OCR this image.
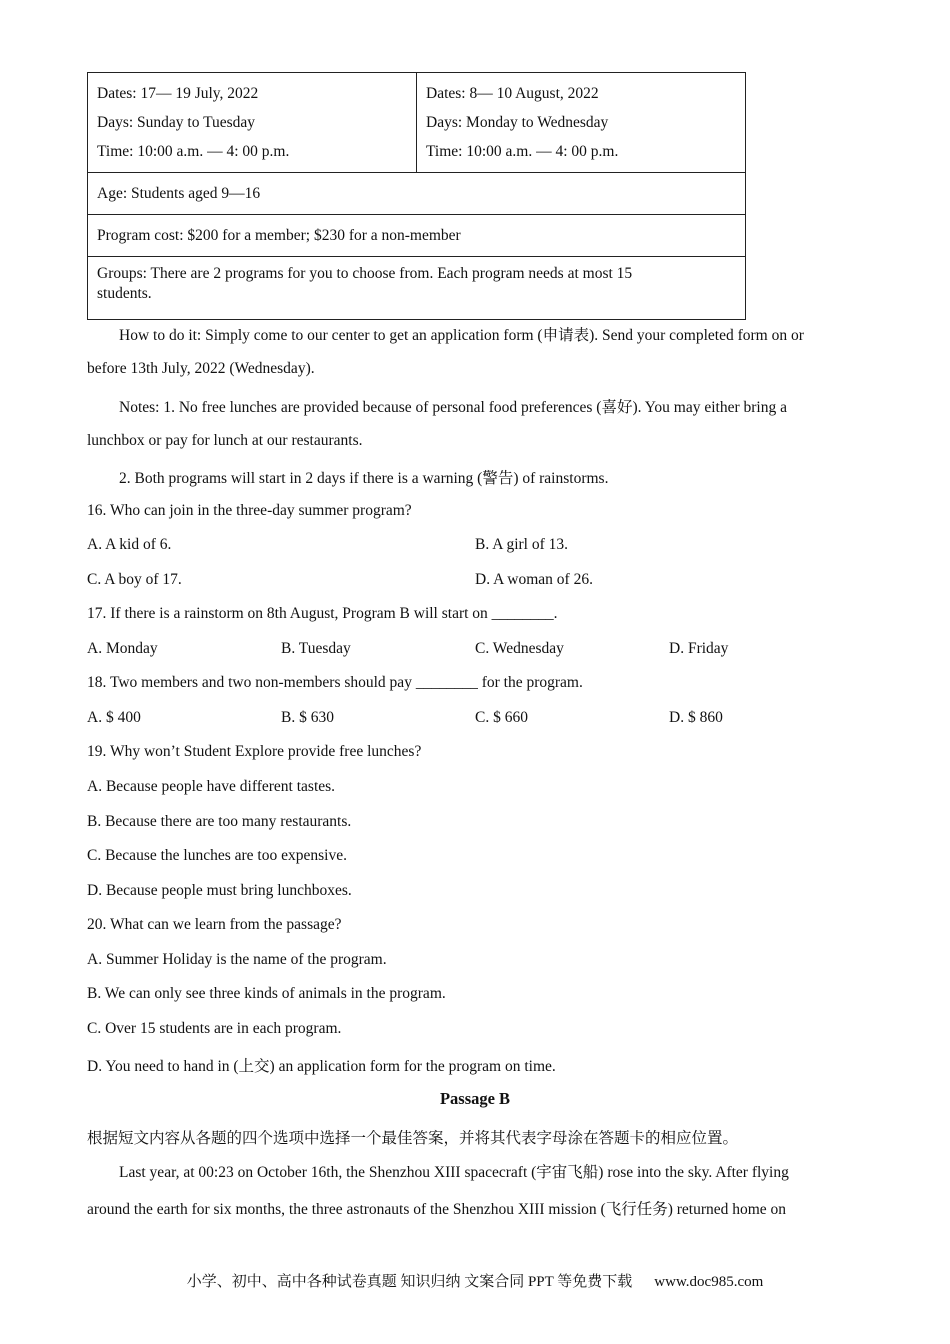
Dates: 17— 19 July, 2022
Days: Sunday to Tuesday
Time: 10:00 a.m. — 4: 00 p.m.

Dates: 8— 10 August, 2022
Days: Monday to Wednesday
Time: 10:00 a.m. — 4: 00 p.m.

Age: Students aged 9—16
Program cost: $200 for a member; $230 for a non-member

Groups: There are 2 programs for you to choose from. Each program needs at most 15
students.
How to do it: Simply come to our center to get an application form (申请表). Send your completed form on or
before 13th July, 2022 (Wednesday).
Notes: 1. No free lunches are provided because of personal food preferences (喜好). You may either bring a
lunchbox or pay for lunch at our restaurants.
2. Both programs will start in 2 days if there is a warning (警告) of rainstorms.
16. Who can join in the three-day summer program?
A. A kid of 6.	B. A girl of 13.
C. A boy of 17.	D. A woman of 26.
17. If there is a rainstorm on 8th August, Program B will start on ________.
A. Monday	B. Tuesday	C. Wednesday	D. Friday
18. Two members and two non-members should pay ________ for the program.
A. $ 400	B. $ 630	C. $ 660	D. $ 860
19. Why won’t Student Explore provide free lunches?
A. Because people have different tastes.
B. Because there are too many restaurants.
C. Because the lunches are too expensive.
D. Because people must bring lunchboxes.
20. What can we learn from the passage?
A. Summer Holiday is the name of the program.
B. We can only see three kinds of animals in the program.
C. Over 15 students are in each program.
D. You need to hand in (上交) an application form for the program on time.
Passage B
根据短文内容从各题的四个选项中选择一个最佳答案，并将其代表字母涂在答题卡的相应位置。
Last year, at 00:23 on October 16th, the Shenzhou XIII spacecraft (宇宙飞船) rose into the sky. After flying
around the earth for six months, the three astronauts of the Shenzhou XIII mission (飞行任务) returned home on
小学、初中、高中各种试卷真题 知识归纳 文案合同 PPT 等免费下载 www.doc985.com
